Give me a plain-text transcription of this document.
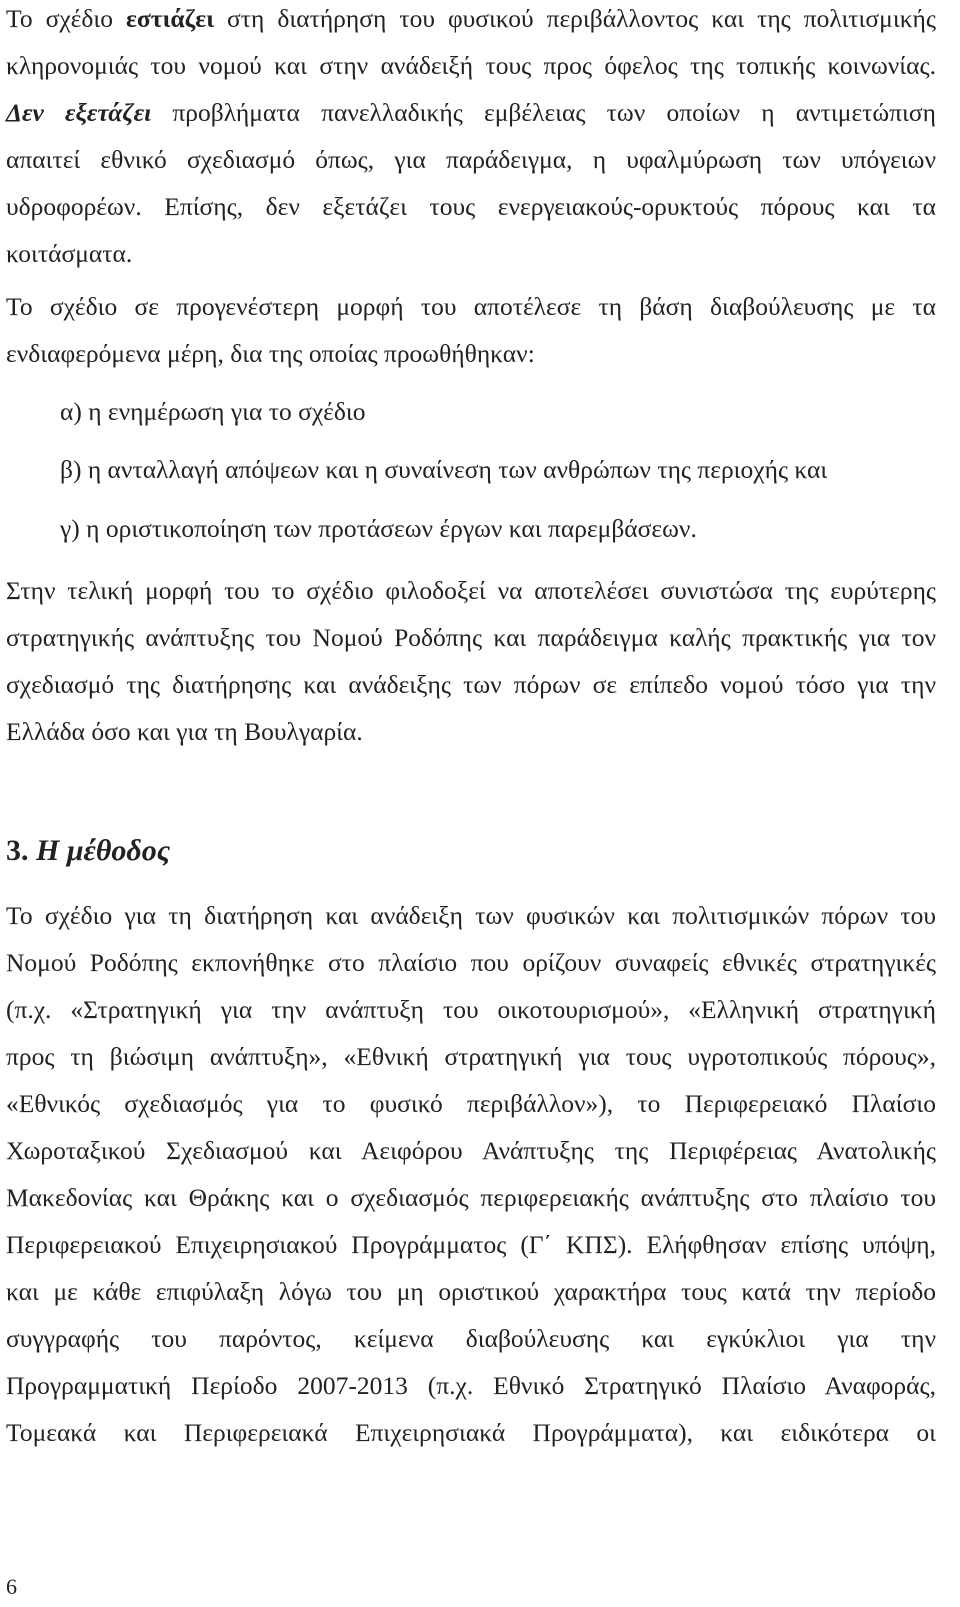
Το σχέδιο εστιάζει στη διατήρηση του φυσικού περιβάλλοντος και της πολιτισμικής
κληρονομιάς του νομού και στην ανάδειξή τους προς όφελος της τοπικής κοινωνίας.
Δεν εξετάζει προβλήματα πανελλαδικής εμβέλειας των οποίων η αντιμετώπιση
απαιτεί εθνικό σχεδιασμό όπως, για παράδειγμα, η υφαλμύρωση των υπόγειων
υδροφορέων. Επίσης, δεν εξετάζει τους ενεργειακούς-ορυκτούς πόρους και τα
κοιτάσματα.
Το σχέδιο σε προγενέστερη μορφή του αποτέλεσε τη βάση διαβούλευσης με τα
ενδιαφερόμενα μέρη, δια της οποίας προωθήθηκαν:

α) η ενημέρωση για το σχέδιο

β) η ανταλλαγή απόψεων και η συναίνεση των ανθρώπων της περιοχής και

γ) η οριστικοποίηση των προτάσεων έργων και παρεμβάσεων.

Στην τελική μορφή του το σχέδιο φιλοδοξεί να αποτελέσει συνιστώσα της ευρύτερης
στρατηγικής ανάπτυξης του Νομού Ροδόπης και παράδειγμα καλής πρακτικής για τον
σχεδιασμό της διατήρησης και ανάδειξης των πόρων σε επίπεδο νομού τόσο για την
Ελλάδα όσο και για τη Βουλγαρία.
3. Η μέθοδος
Το σχέδιο για τη διατήρηση και ανάδειξη των φυσικών και πολιτισμικών πόρων του
Νομού Ροδόπης εκπονήθηκε στο πλαίσιο που ορίζουν συναφείς εθνικές στρατηγικές
(π.χ. «Στρατηγική για την ανάπτυξη του οικοτουρισμού», «Ελληνική στρατηγική
προς τη βιώσιμη ανάπτυξη», «Εθνική στρατηγική για τους υγροτοπικούς πόρους»,
«Εθνικός σχεδιασμός για το φυσικό περιβάλλον»), το Περιφερειακό Πλαίσιο
Χωροταξικού Σχεδιασμού και Αειφόρου Ανάπτυξης της Περιφέρειας Ανατολικής
Μακεδονίας και Θράκης και ο σχεδιασμός περιφερειακής ανάπτυξης στο πλαίσιο του
Περιφερειακού Επιχειρησιακού Προγράμματος (Γ΄ ΚΠΣ). Ελήφθησαν επίσης υπόψη,
και με κάθε επιφύλαξη λόγω του μη οριστικού χαρακτήρα τους κατά την περίοδο
συγγραφής του παρόντος, κείμενα διαβούλευσης και εγκύκλιοι για την
Προγραμματική Περίοδο 2007-2013 (π.χ. Εθνικό Στρατηγικό Πλαίσιο Αναφοράς,
Τομεακά και Περιφερειακά Επιχειρησιακά Προγράμματα), και ειδικότερα οι

6
